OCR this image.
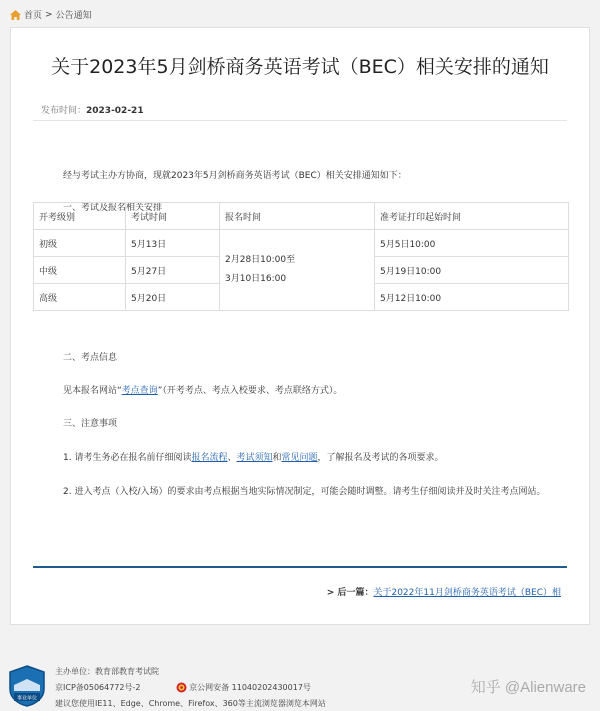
首页 > 公告通知
关于2023年5月剑桥商务英语考试（BEC）相关安排的通知
发布时间：2023-02-21
经与考试主办方协商，现就2023年5月剑桥商务英语考试（BEC）相关安排通知如下：
一、考试及报名相关安排
二、考点信息
见本报名网站“考点查询”（开考考点、考点入校要求、考点联络方式）。
三、注意事项
1. 请考生务必在报名前仔细阅读报名流程、考试须知和常见问题，了解报名及考试的各项要求。
2. 进入考点（入校/入场）的要求由考点根据当地实际情况制定，可能会随时调整。请考生仔细阅读并及时关注考点网站。
开考级别	考试时间	报名时间	准考证打印起始时间
初级	5月13日	2月28日10:00至
3月10日16:00	5月5日10:00
中级	5月27日		5月19日10:00
高级	5月20日		5月12日10:00
> 后一篇：关于2022年11月剑桥商务英语考试（BEC）相
事业单位
主办单位：教育部教育考试院
京ICP备05064772号-2	京公网安备 11040202430017号
建议您使用IE11、Edge、Chrome、Firefox、360等主流浏览器浏览本网站
知乎 @Alienware
